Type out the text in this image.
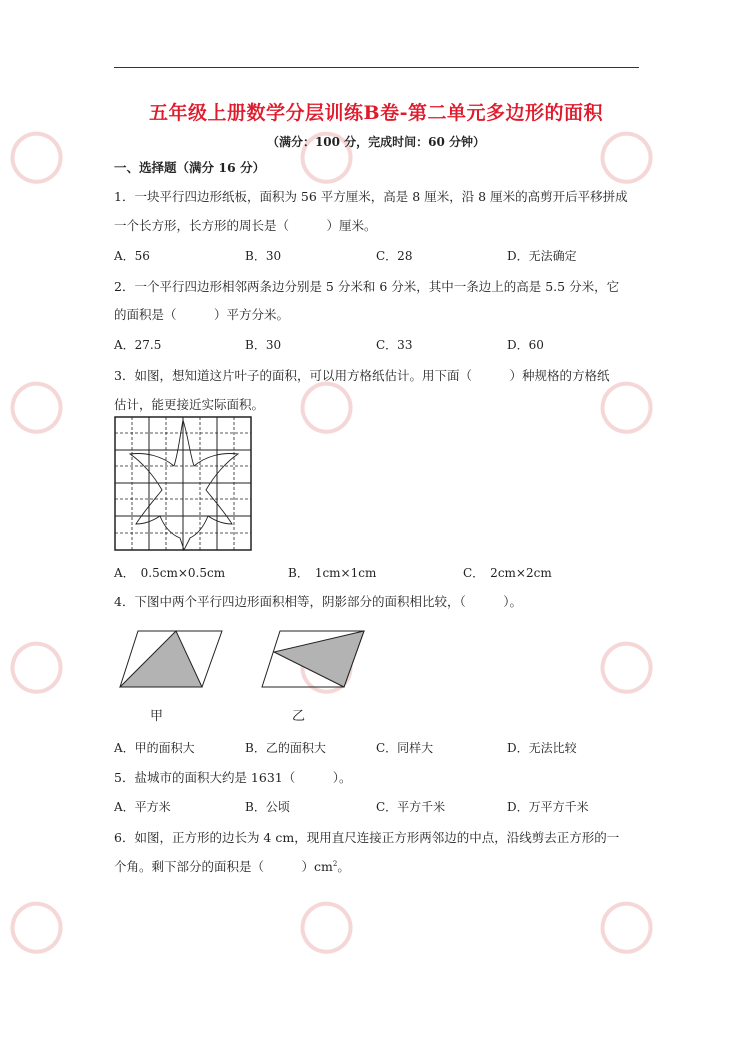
五年级上册数学分层训练B卷-第二单元多边形的面积
（满分：100 分，完成时间：60 分钟）
一、选择题（满分 16 分）
1．一块平行四边形纸板，面积为 56 平方厘米，高是 8 厘米，沿 8 厘米的高剪开后平移拼成
一个长方形，长方形的周长是（　　　）厘米。
A．56	B．30	C．28	D．无法确定
2．一个平行四边形相邻两条边分别是 5 分米和 6 分米，其中一条边上的高是 5.5 分米，它
的面积是（　　　）平方分米。
A．27.5	B．30	C．33	D．60
3．如图，想知道这片叶子的面积，可以用方格纸估计。用下面（　　　）种规格的方格纸
估计，能更接近实际面积。
A．　0.5cm×0.5cm	B．　1cm×1cm	C．　2cm×2cm
4．下图中两个平行四边形面积相等，阴影部分的面积相比较，（　　　）。
甲	乙
A．甲的面积大	B．乙的面积大	C．同样大	D．无法比较
5．盐城市的面积大约是 1631（　　　）。
A．平方米	B．公顷	C．平方千米	D．万平方千米
6．如图，正方形的边长为 4 cm，现用直尺连接正方形两邻边的中点，沿线剪去正方形的一
个角。剩下部分的面积是（　　　）$cm^2$。
